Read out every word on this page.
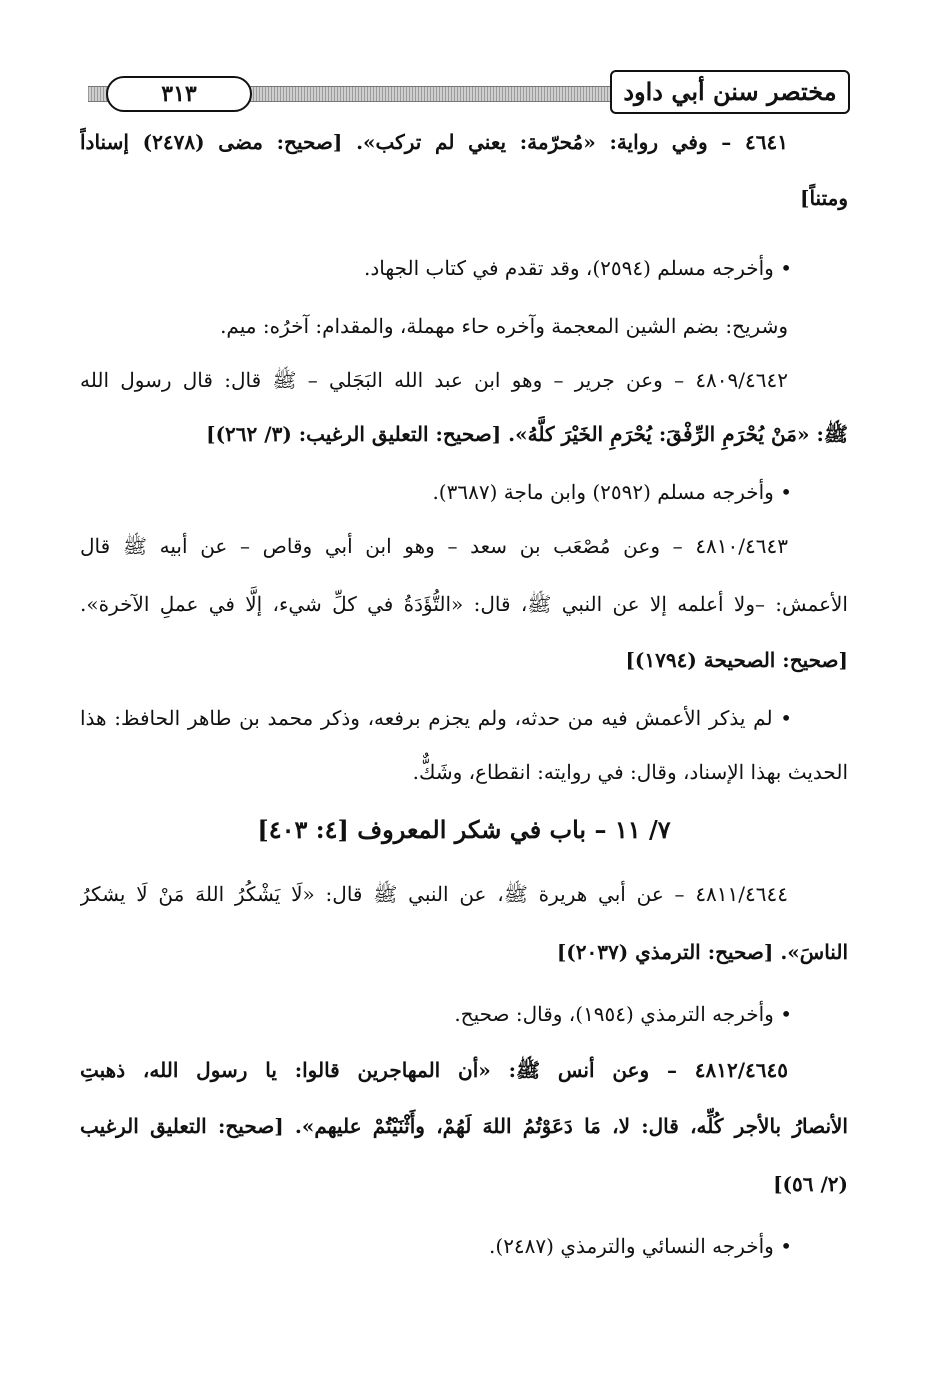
٣١٣	مختصر سنن أبي داود
٤٦٤١ – وفي رواية: «مُحرّمة: يعني لم تركب». [صحيح: مضى (٢٤٧٨) إسناداً
ومتناً]
• وأخرجه مسلم (٢٥٩٤)، وقد تقدم في كتاب الجهاد.
وشريح: بضم الشين المعجمة وآخره حاء مهملة، والمقدام: آخرُه: ميم.
٤٨٠٩/٤٦٤٢ – وعن جرير – وهو ابن عبد الله البَجَلي – ﷺ قال: قال رسول الله
ﷺ: «مَنْ يُحْرَمِ الرِّفْقَ: يُحْرَمِ الخَيْرَ كلَّهُ». [صحيح: التعليق الرغيب: (٣/ ٢٦٢)]
• وأخرجه مسلم (٢٥٩٢) وابن ماجة (٣٦٨٧).
٤٨١٠/٤٦٤٣ – وعن مُصْعَب بن سعد – وهو ابن أبي وقاص – عن أبيه ﷺ قال
الأعمش: –ولا أعلمه إلا عن النبي ﷺ، قال: «التُّؤَدَةُ في كلِّ شيء، إلَّا في عملِ الآخرة».
[صحيح: الصحيحة (١٧٩٤)]
• لم يذكر الأعمش فيه من حدثه، ولم يجزم برفعه، وذكر محمد بن طاهر الحافظ: هذا
الحديث بهذا الإسناد، وقال: في روايته: انقطاع، وشَكٌّ.
٧/ ١١ – باب في شكر المعروف [٤: ٤٠٣]
٤٨١١/٤٦٤٤ – عن أبي هريرة ﷺ، عن النبي ﷺ قال: «لَا يَشْكُرُ اللهَ مَنْ لَا يشكرُ
الناسَ». [صحيح: الترمذي (٢٠٣٧)]
• وأخرجه الترمذي (١٩٥٤)، وقال: صحيح.
٤٨١٢/٤٦٤٥ – وعن أنس ﷺ: «أن المهاجرين قالوا: يا رسول الله، ذهبتِ
الأنصارُ بالأجر كُلِّه، قال: لا، مَا دَعَوْتُمُ اللهَ لَهُمْ، وأَثْنَيْتُمْ عليهم». [صحيح: التعليق الرغيب
(٢/ ٥٦)]
• وأخرجه النسائي والترمذي (٢٤٨٧).
